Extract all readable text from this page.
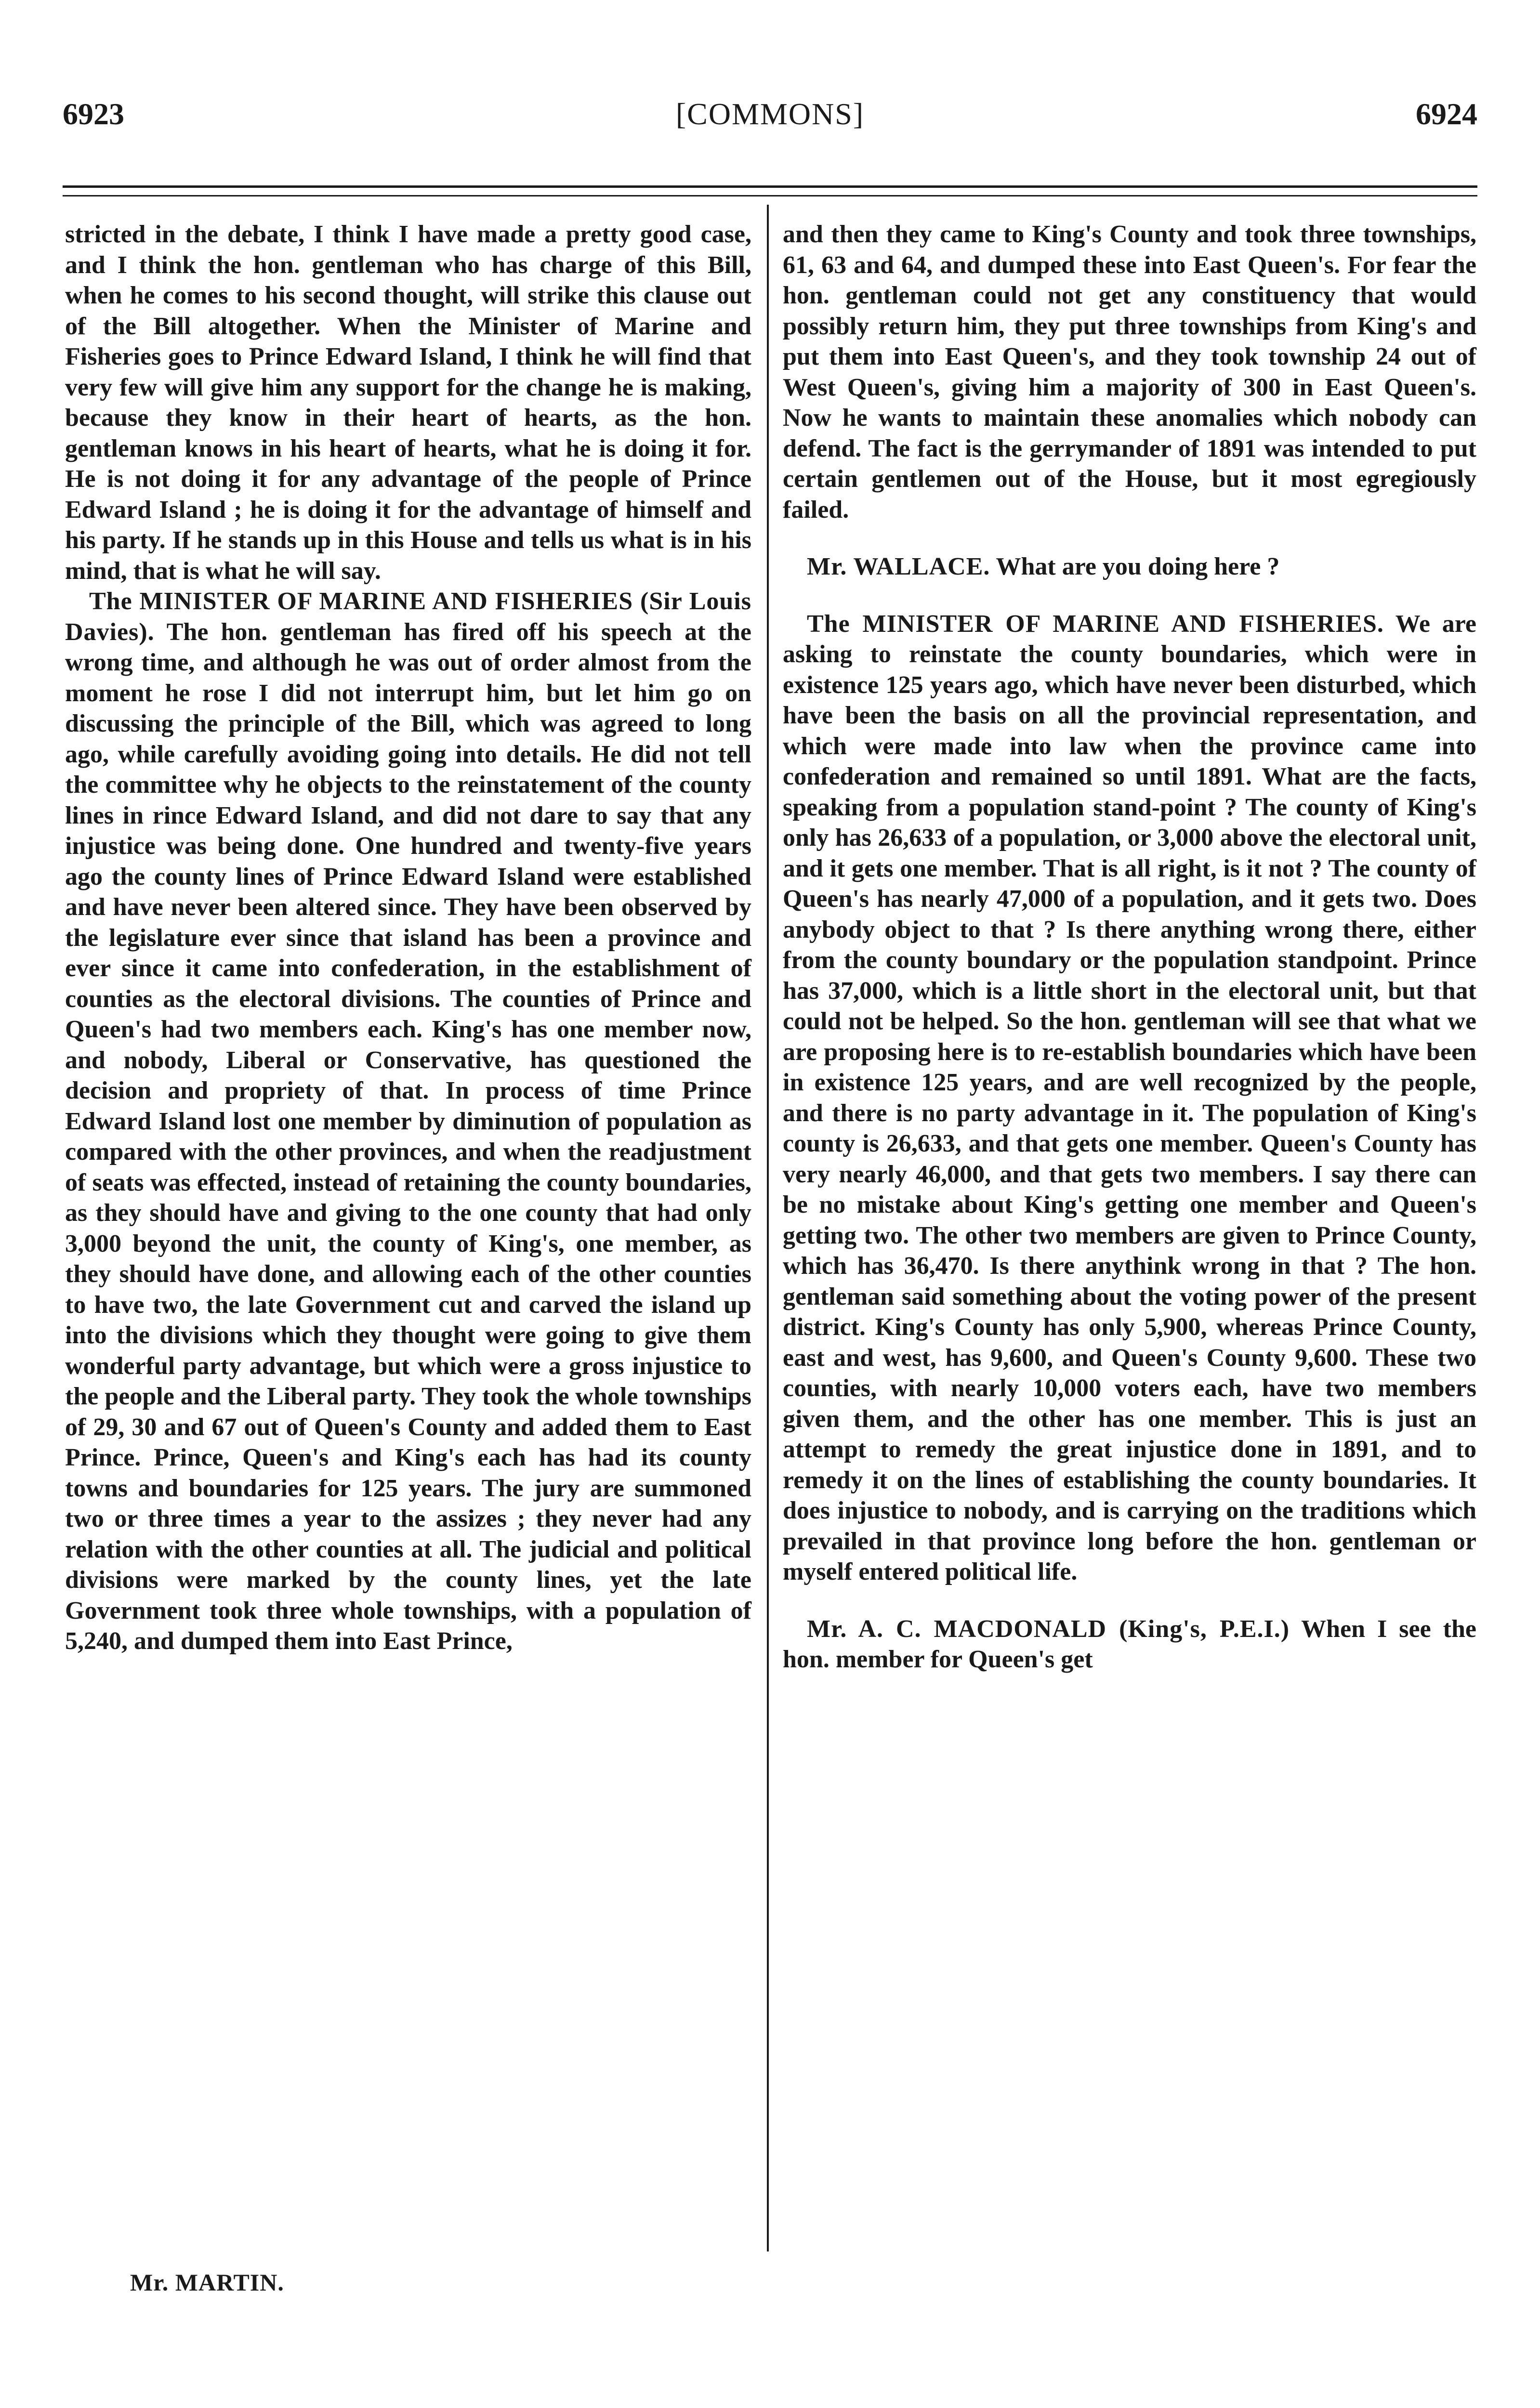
6923	[COMMONS]	6924

stricted in the debate, I think I have made a pretty good case, and I think the hon. gentleman who has charge of this Bill, when he comes to his second thought, will strike this clause out of the Bill altogether. When the Minister of Marine and Fisheries goes to Prince Edward Island, I think he will find that very few will give him any support for the change he is making, because they know in their heart of hearts, as the hon. gentleman knows in his heart of hearts, what he is doing it for. He is not doing it for any advantage of the people of Prince Edward Island ; he is doing it for the advantage of himself and his party. If he stands up in this House and tells us what is in his mind, that is what he will say.

The MINISTER OF MARINE AND FISHERIES (Sir Louis Davies). The hon. gentleman has fired off his speech at the wrong time, and although he was out of order almost from the moment he rose I did not interrupt him, but let him go on discussing the principle of the Bill, which was agreed to long ago, while carefully avoiding going into details. He did not tell the committee why he objects to the reinstatement of the county lines in rince Edward Island, and did not dare to say that any injustice was being done. One hundred and twenty-five years ago the county lines of Prince Edward Island were established and have never been altered since. They have been observed by the legislature ever since that island has been a province and ever since it came into confederation, in the establishment of counties as the electoral divisions. The counties of Prince and Queen's had two members each. King's has one member now, and nobody, Liberal or Conservative, has questioned the decision and propriety of that. In process of time Prince Edward Island lost one member by diminution of population as compared with the other provinces, and when the readjustment of seats was effected, instead of retaining the county boundaries, as they should have and giving to the one county that had only 3,000 beyond the unit, the county of King's, one member, as they should have done, and allowing each of the other counties to have two, the late Government cut and carved the island up into the divisions which they thought were going to give them wonderful party advantage, but which were a gross injustice to the people and the Liberal party. They took the whole townships of 29, 30 and 67 out of Queen's County and added them to East Prince. Prince, Queen's and King's each has had its county towns and boundaries for 125 years. The jury are summoned two or three times a year to the assizes ; they never had any relation with the other counties at all. The judicial and political divisions were marked by the county lines, yet the late Government took three whole townships, with a population of 5,240, and dumped them into East Prince,

Mr. MARTIN.

and then they came to King's County and took three townships, 61, 63 and 64, and dumped these into East Queen's. For fear the hon. gentleman could not get any constituency that would possibly return him, they put three townships from King's and put them into East Queen's, and they took township 24 out of West Queen's, giving him a majority of 300 in East Queen's. Now he wants to maintain these anomalies which nobody can defend. The fact is the gerrymander of 1891 was intended to put certain gentlemen out of the House, but it most egregiously failed.

Mr. WALLACE. What are you doing here ?

The MINISTER OF MARINE AND FISHERIES. We are asking to reinstate the county boundaries, which were in existence 125 years ago, which have never been disturbed, which have been the basis on all the provincial representation, and which were made into law when the province came into confederation and remained so until 1891. What are the facts, speaking from a population stand-point ? The county of King's only has 26,633 of a population, or 3,000 above the electoral unit, and it gets one member. That is all right, is it not ? The county of Queen's has nearly 47,000 of a population, and it gets two. Does anybody object to that ? Is there anything wrong there, either from the county boundary or the population standpoint. Prince has 37,000, which is a little short in the electoral unit, but that could not be helped. So the hon. gentleman will see that what we are proposing here is to re-establish boundaries which have been in existence 125 years, and are well recognized by the people, and there is no party advantage in it. The population of King's county is 26,633, and that gets one member. Queen's County has very nearly 46,000, and that gets two members. I say there can be no mistake about King's getting one member and Queen's getting two. The other two members are given to Prince County, which has 36,470. Is there anythink wrong in that ? The hon. gentleman said something about the voting power of the present district. King's County has only 5,900, whereas Prince County, east and west, has 9,600, and Queen's County 9,600. These two counties, with nearly 10,000 voters each, have two members given them, and the other has one member. This is just an attempt to remedy the great injustice done in 1891, and to remedy it on the lines of establishing the county boundaries. It does injustice to nobody, and is carrying on the traditions which prevailed in that province long before the hon. gentleman or myself entered political life.

Mr. A. C. MACDONALD (King's, P.E.I.) When I see the hon. member for Queen's get
